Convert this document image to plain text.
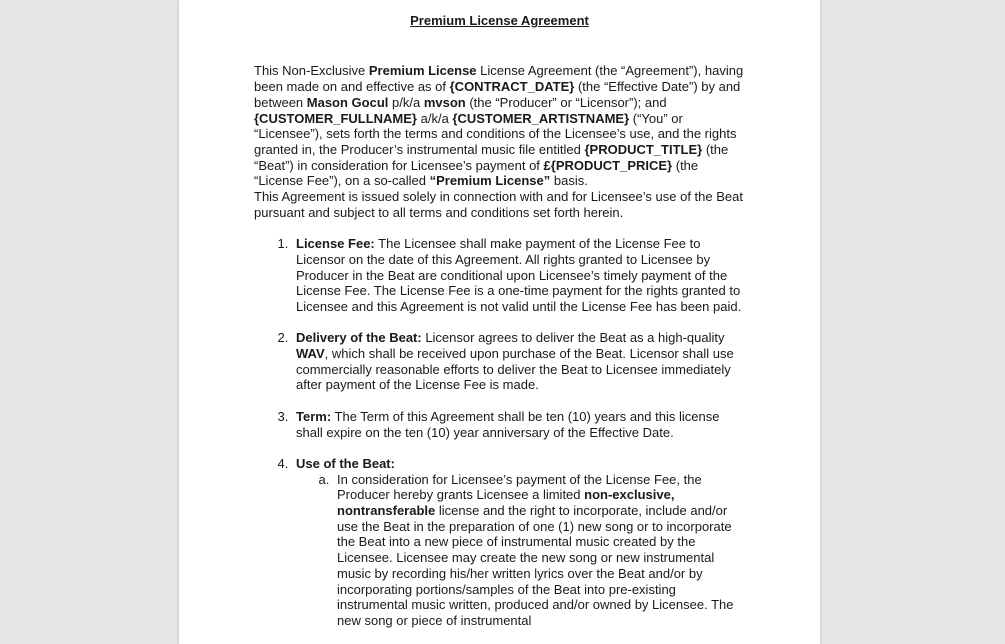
Premium License Agreement

This Non-Exclusive Premium License License Agreement (the “Agreement”), having been made on and effective as of {CONTRACT_DATE} (the “Effective Date”) by and between Mason Gocul p/k/a mvson (the “Producer” or “Licensor”); and {CUSTOMER_FULLNAME} a/k/a {CUSTOMER_ARTISTNAME} (“You” or “Licensee”), sets forth the terms and conditions of the Licensee’s use, and the rights granted in, the Producer’s instrumental music file entitled {PRODUCT_TITLE} (the “Beat”) in consideration for Licensee’s payment of £{PRODUCT_PRICE} (the “License Fee”), on a so-called “Premium License” basis.

This Agreement is issued solely in connection with and for Licensee’s use of the Beat pursuant and subject to all terms and conditions set forth herein.

1. License Fee: The Licensee shall make payment of the License Fee to Licensor on the date of this Agreement. All rights granted to Licensee by Producer in the Beat are conditional upon Licensee’s timely payment of the License Fee. The License Fee is a one-time payment for the rights granted to Licensee and this Agreement is not valid until the License Fee has been paid.
2. Delivery of the Beat: Licensor agrees to deliver the Beat as a high-quality WAV, which shall be received upon purchase of the Beat. Licensor shall use commercially reasonable efforts to deliver the Beat to Licensee immediately after payment of the License Fee is made.
3. Term: The Term of this Agreement shall be ten (10) years and this license shall expire on the ten (10) year anniversary of the Effective Date.
4. Use of the Beat:
a. In consideration for Licensee’s payment of the License Fee, the Producer hereby grants Licensee a limited non-exclusive, nontransferable license and the right to incorporate, include and/or use the Beat in the preparation of one (1) new song or to incorporate the Beat into a new piece of instrumental music created by the Licensee. Licensee may create the new song or new instrumental music by recording his/her written lyrics over the Beat and/or by incorporating portions/samples of the Beat into pre-existing instrumental music written, produced and/or owned by Licensee. The new song or piece of instrumental
